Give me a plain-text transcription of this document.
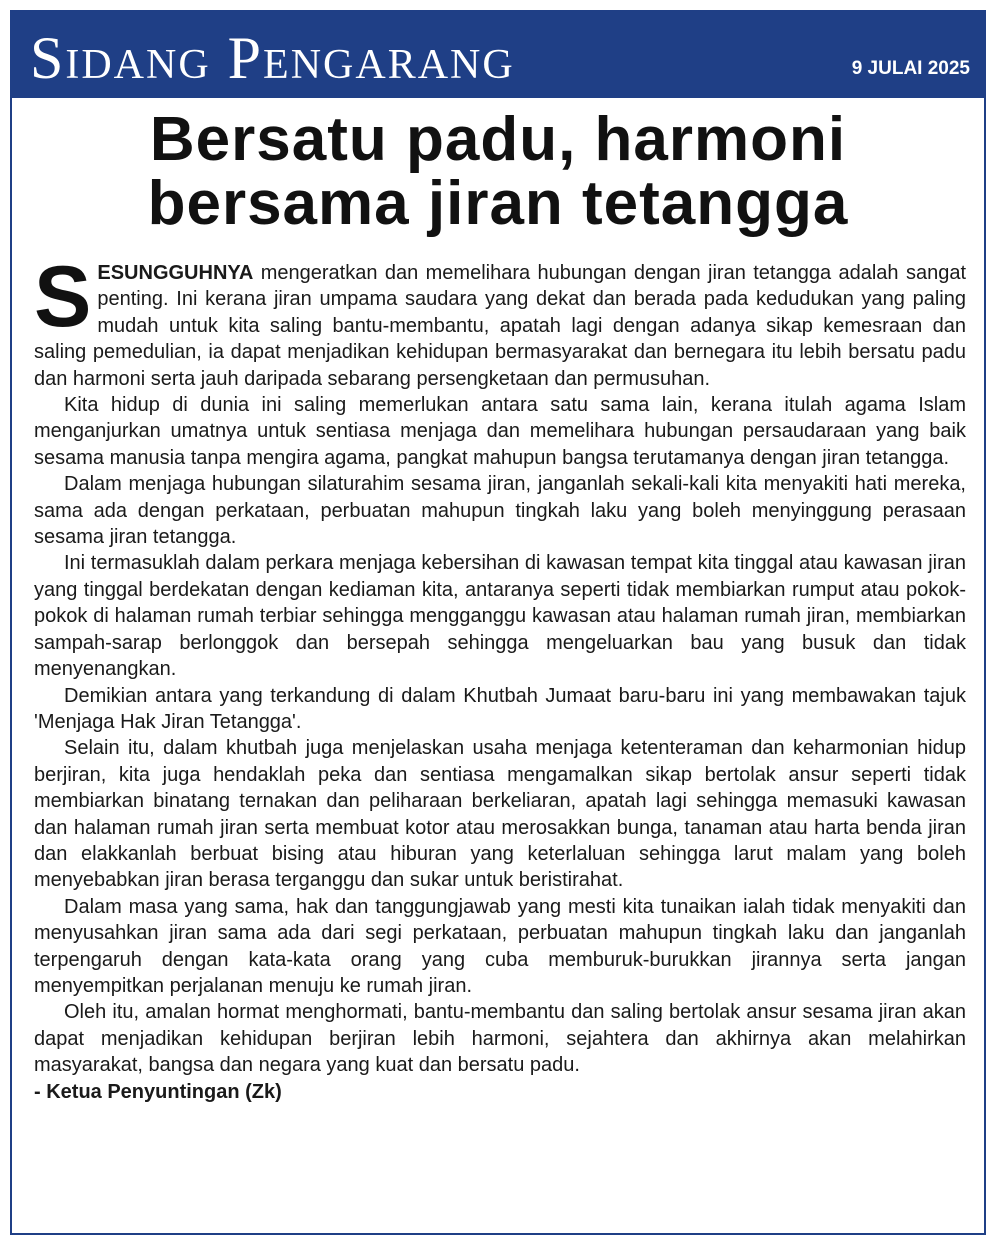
Sidang Pengarang	9 JULAI 2025
Bersatu padu, harmoni
bersama jiran tetangga

SESUNGGUHNYA mengeratkan dan memelihara hubungan dengan jiran tetangga adalah sangat penting. Ini kerana jiran umpama saudara yang dekat dan berada pada kedudukan yang paling mudah untuk kita saling bantu-membantu, apatah lagi dengan adanya sikap kemesraan dan saling pemedulian, ia dapat menjadikan kehidupan bermasyarakat dan bernegara itu lebih bersatu padu dan harmoni serta jauh daripada sebarang persengketaan dan permusuhan.

Kita hidup di dunia ini saling memerlukan antara satu sama lain, kerana itulah agama Islam menganjurkan umatnya untuk sentiasa menjaga dan memelihara hubungan persaudaraan yang baik sesama manusia tanpa mengira agama, pangkat mahupun bangsa terutamanya dengan jiran tetangga.

Dalam menjaga hubungan silaturahim sesama jiran, janganlah sekali-kali kita menyakiti hati mereka, sama ada dengan perkataan, perbuatan mahupun tingkah laku yang boleh menyinggung perasaan sesama jiran tetangga.

Ini termasuklah dalam perkara menjaga kebersihan di kawasan tempat kita tinggal atau kawasan jiran yang tinggal berdekatan dengan kediaman kita, antaranya seperti tidak membiarkan rumput atau pokok-pokok di halaman rumah terbiar sehingga mengganggu kawasan atau halaman rumah jiran, membiarkan sampah-sarap berlonggok dan bersepah sehingga mengeluarkan bau yang busuk dan tidak menyenangkan.

Demikian antara yang terkandung di dalam Khutbah Jumaat baru-baru ini yang membawakan tajuk 'Menjaga Hak Jiran Tetangga'.

Selain itu, dalam khutbah juga menjelaskan usaha menjaga ketenteraman dan keharmonian hidup berjiran, kita juga hendaklah peka dan sentiasa mengamalkan sikap bertolak ansur seperti tidak membiarkan binatang ternakan dan peliharaan berkeliaran, apatah lagi sehingga memasuki kawasan dan halaman rumah jiran serta membuat kotor atau merosakkan bunga, tanaman atau harta benda jiran dan elakkanlah berbuat bising atau hiburan yang keterlaluan sehingga larut malam yang boleh menyebabkan jiran berasa terganggu dan sukar untuk beristirahat.

Dalam masa yang sama, hak dan tanggungjawab yang mesti kita tunaikan ialah tidak menyakiti dan menyusahkan jiran sama ada dari segi perkataan, perbuatan mahupun tingkah laku dan janganlah terpengaruh dengan kata-kata orang yang cuba memburuk-burukkan jirannya serta jangan menyempitkan perjalanan menuju ke rumah jiran.

Oleh itu, amalan hormat menghormati, bantu-membantu dan saling bertolak ansur sesama jiran akan dapat menjadikan kehidupan berjiran lebih harmoni, sejahtera dan akhirnya akan melahirkan masyarakat, bangsa dan negara yang kuat dan bersatu padu.

- Ketua Penyuntingan (Zk)
